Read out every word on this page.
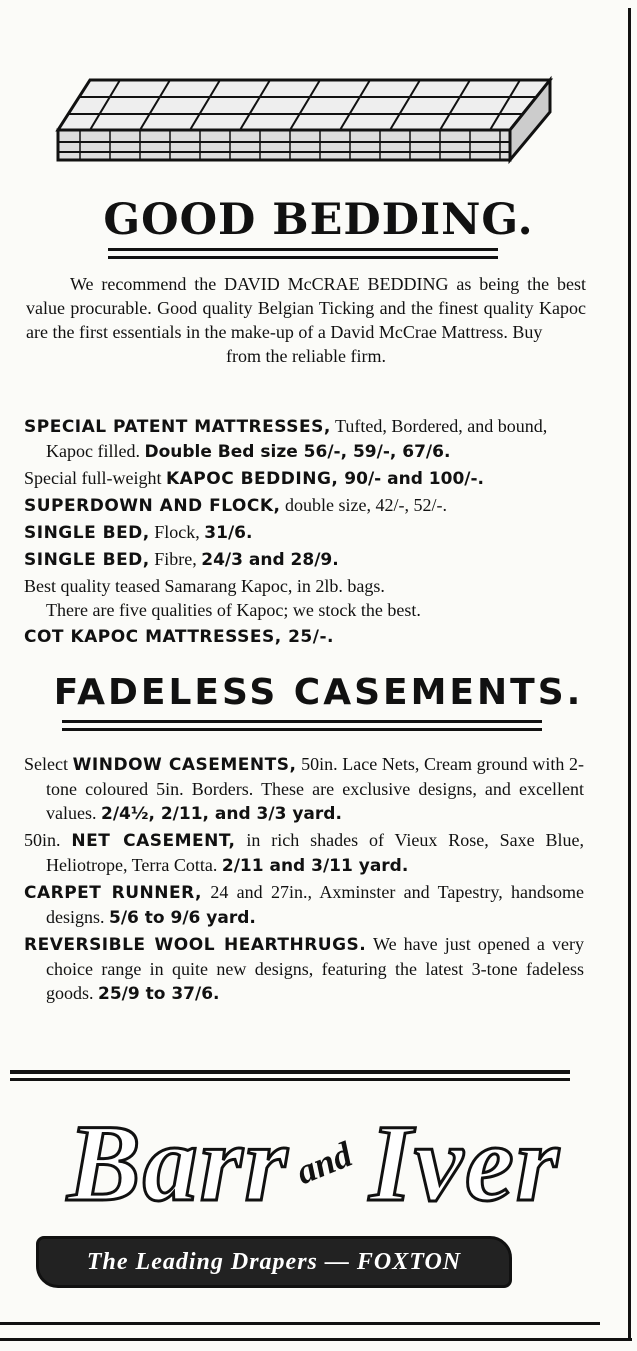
GOOD BEDDING.

We recommend the DAVID McCRAE BEDDING as being the best value procurable. Good quality Belgian Ticking and the finest quality Kapoc are the first essentials in the make-up of a David McCrae Mattress. Buy

from the reliable firm.

SPECIAL PATENT MATTRESSES, Tufted, Bordered, and bound, Kapoc filled. Double Bed size 56/-, 59/-, 67/6.
Special full-weight KAPOC BEDDING, 90/- and 100/-.
SUPERDOWN AND FLOCK, double size, 42/-, 52/-.
SINGLE BED, Flock, 31/6.
SINGLE BED, Fibre, 24/3 and 28/9.
Best quality teased Samarang Kapoc, in 2lb. bags.
There are five qualities of Kapoc; we stock the best.
COT KAPOC MATTRESSES, 25/-.
FADELESS CASEMENTS.
Select WINDOW CASEMENTS, 50in. Lace Nets, Cream ground with 2-tone coloured 5in. Borders. These are exclusive designs, and excellent values. 2/4½, 2/11, and 3/3 yard.
50in. NET CASEMENT, in rich shades of Vieux Rose, Saxe Blue, Heliotrope, Terra Cotta. 2/11 and 3/11 yard.
CARPET RUNNER, 24 and 27in., Axminster and Tapestry, handsome designs. 5/6 to 9/6 yard.
REVERSIBLE WOOL HEARTHRUGS. We have just opened a very choice range in quite new designs, featuring the latest 3-tone fadeless goods. 25/9 to 37/6.
Barr Iver
and
The Leading Drapers — FOXTON
